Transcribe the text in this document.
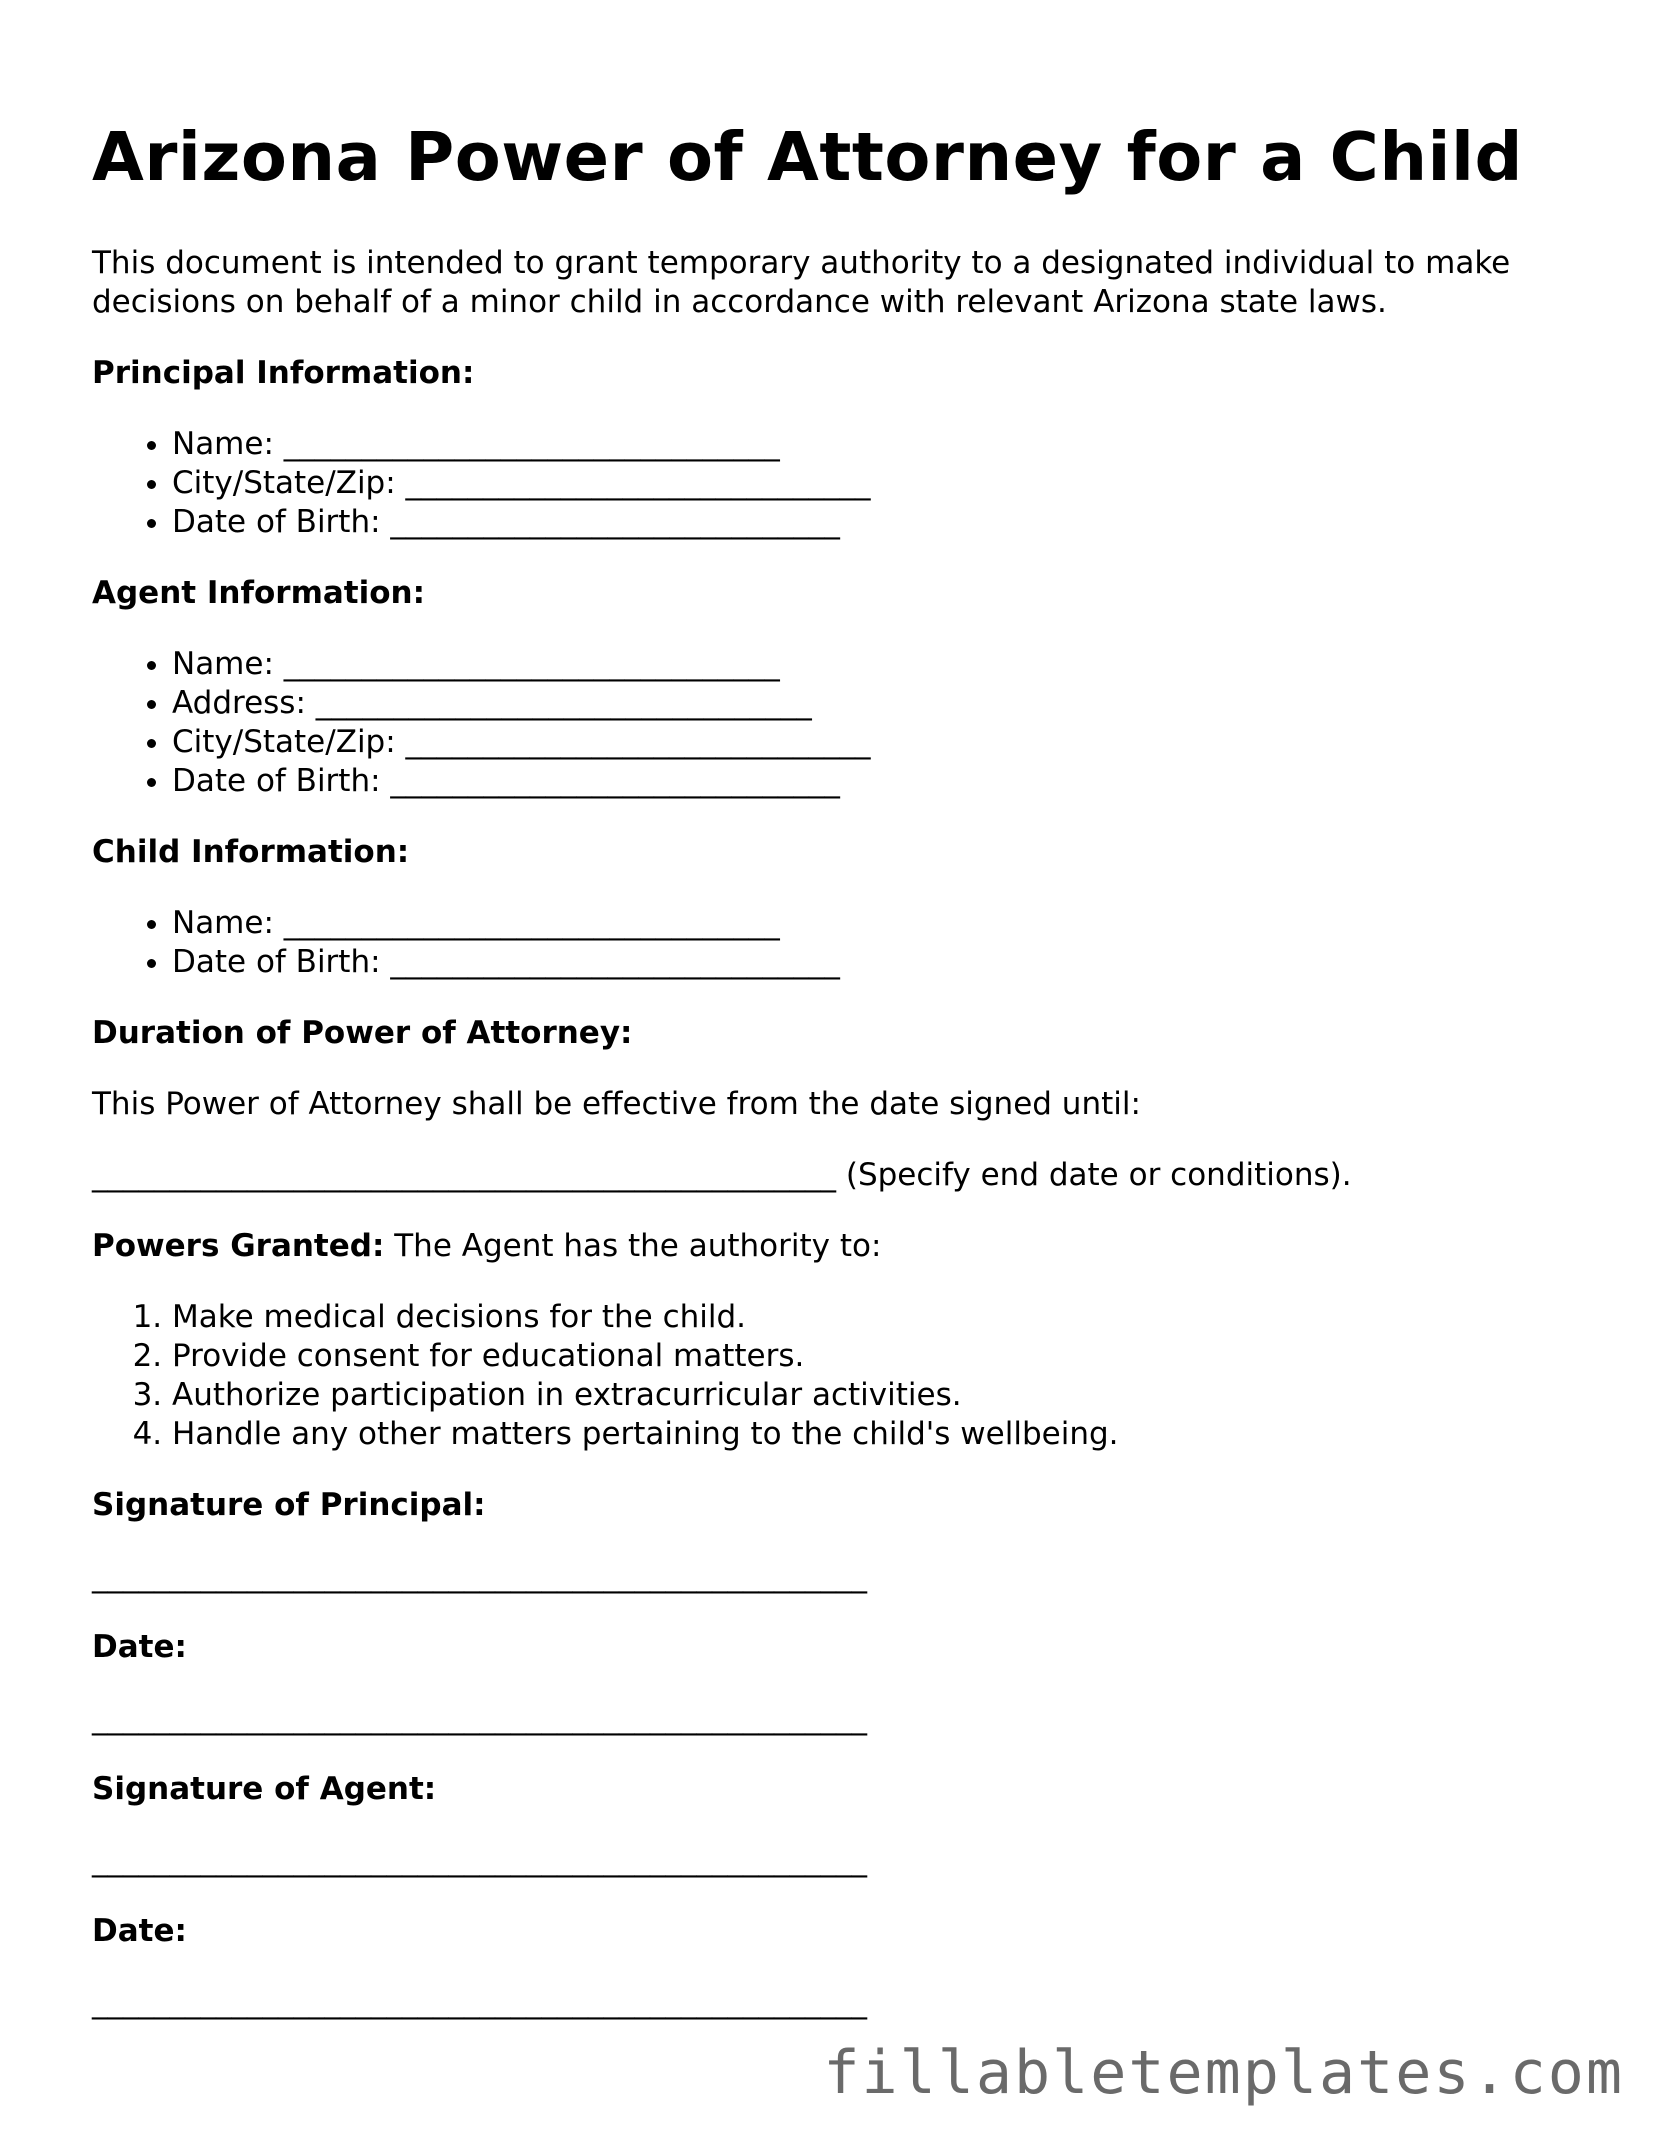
Arizona Power of Attorney for a Child

This document is intended to grant temporary authority to a designated individual to make decisions on behalf of a minor child in accordance with relevant Arizona state laws.

Principal Information:
• Name: ________________________________
• City/State/Zip: ______________________________
• Date of Birth: _____________________________
Agent Information:
• Name: ________________________________
• Address: ________________________________
• City/State/Zip: ______________________________
• Date of Birth: _____________________________
Child Information:
• Name: ________________________________
• Date of Birth: _____________________________
Duration of Power of Attorney:

This Power of Attorney shall be effective from the date signed until:

________________________________________________ (Specify end date or conditions).

Powers Granted: The Agent has the authority to:

1. Make medical decisions for the child.
2. Provide consent for educational matters.
3. Authorize participation in extracurricular activities.
4. Handle any other matters pertaining to the child's wellbeing.
Signature of Principal:
__________________________________________________
Date:
__________________________________________________
Signature of Agent:
__________________________________________________
Date:
__________________________________________________
fillabletemplates.com
